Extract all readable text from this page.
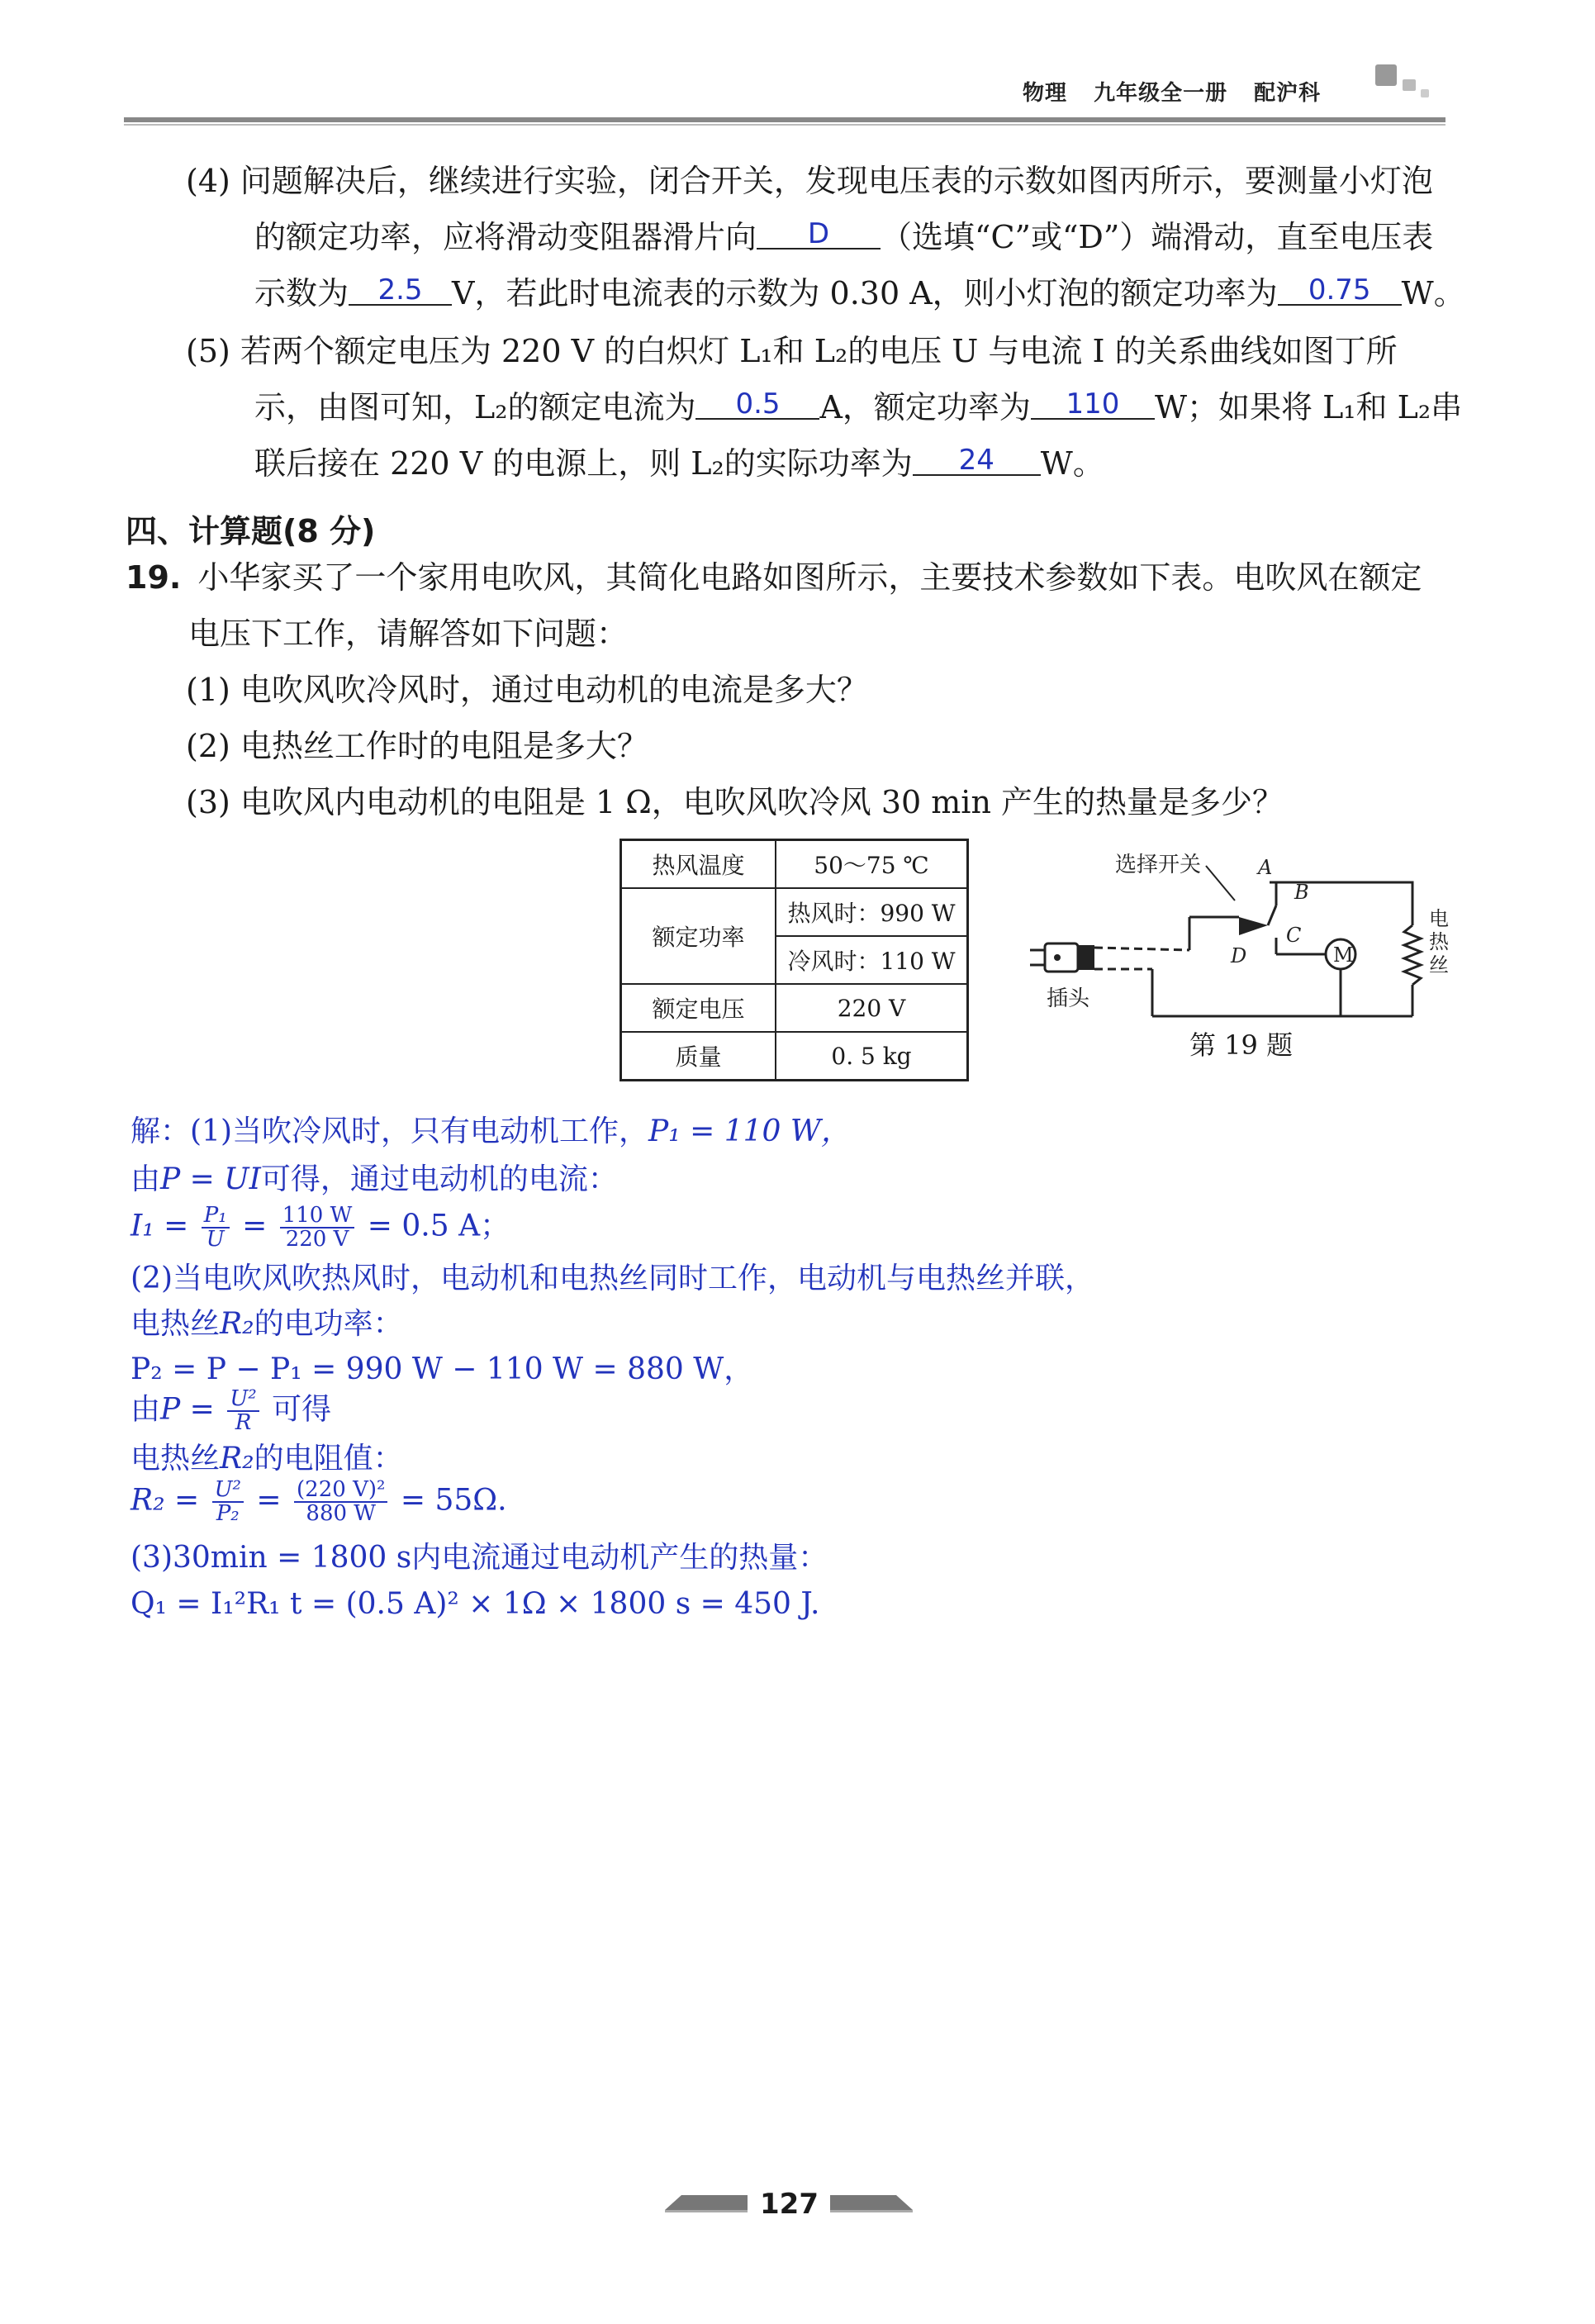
物理 九年级全一册 配沪科
(4) 问题解决后，继续进行实验，闭合开关，发现电压表的示数如图丙所示，要测量小灯泡
的额定功率，应将滑动变阻器滑片向 D （选填“C”或“D”）端滑动，直至电压表
示数为 2.5 V，若此时电流表的示数为 0.30 A，则小灯泡的额定功率为 0.75 W。
(5) 若两个额定电压为 220 V 的白炽灯 L₁和 L₂的电压 U 与电流 I 的关系曲线如图丁所
示，由图可知，L₂的额定电流为 0.5 A，额定功率为 110 W；如果将 L₁和 L₂串
联后接在 220 V 的电源上，则 L₂的实际功率为 24 W。
四、计算题(8 分)
19. 小华家买了一个家用电吹风，其简化电路如图所示，主要技术参数如下表。电吹风在额定
电压下工作，请解答如下问题：
(1) 电吹风吹冷风时，通过电动机的电流是多大？
(2) 电热丝工作时的电阻是多大？
(3) 电吹风内电动机的电阻是 1 Ω，电吹风吹冷风 30 min 产生的热量是多少？
热风温度	50～75 ℃
额定功率	热风时：990 W
	冷风时：110 W
额定电压	220 V
质量	0. 5 kg
选择开关	A
B
C
D
电
热
丝
M
插头
第 19 题
解：(1)当吹冷风时，只有电动机工作，P₁ = 110 W，
由P = UI可得，通过电动机的电流：
$I_1 = \frac{\text{P₁}}{U} = \frac{110 W}{220 V} = 0.5$ A；
(2)当电吹风吹热风时，电动机和电热丝同时工作，电动机与电热丝并联，
电热丝R₂的电功率：
P₂ = P − P₁ = 990 W − 110 W = 880 W，
由$P = \frac{\text{U²}}{R}$ 可得
电热丝R₂的电阻值：
$R_2 = \frac{\text{U²}}{\text{P₂}} = \frac{\text{(220 V)²}}{880 W} = 55\Omega$.
(3)30min = 1800 s内电流通过电动机产生的热量：
Q₁ = I₁²R₁ t = (0.5 A)² × 1Ω × 1800 s = 450 J.
127
